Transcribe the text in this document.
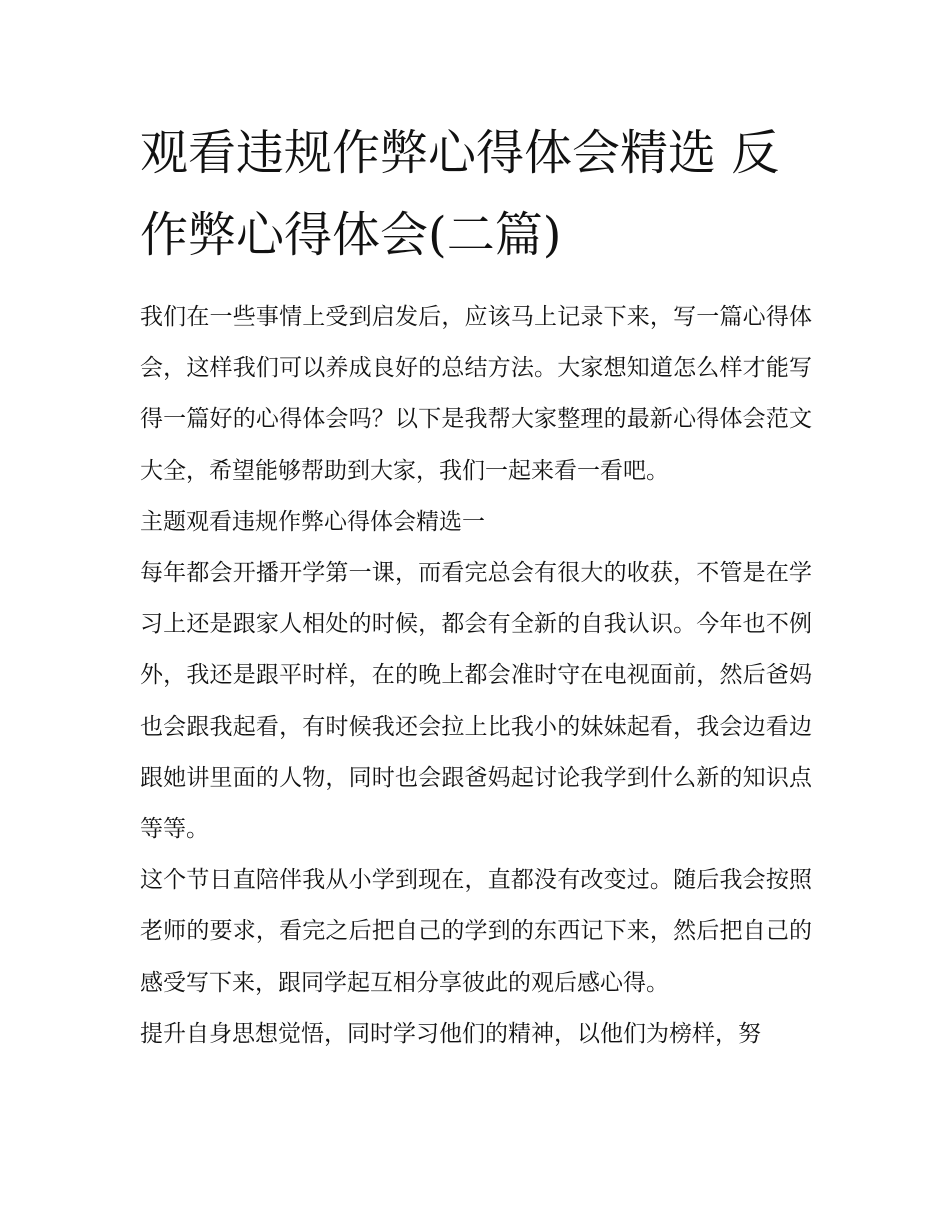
观看违规作弊心得体会精选 反作弊心得体会(二篇)

我们在一些事情上受到启发后，应该马上记录下来，写一篇心得体会，这样我们可以养成良好的总结方法。大家想知道怎么样才能写得一篇好的心得体会吗？以下是我帮大家整理的最新心得体会范文大全，希望能够帮助到大家，我们一起来看一看吧。

主题观看违规作弊心得体会精选一

每年都会开播开学第一课，而看完总会有很大的收获，不管是在学习上还是跟家人相处的时候，都会有全新的自我认识。今年也不例外，我还是跟平时样，在的晚上都会准时守在电视面前，然后爸妈也会跟我起看，有时候我还会拉上比我小的妹妹起看，我会边看边跟她讲里面的人物，同时也会跟爸妈起讨论我学到什么新的知识点等等。

这个节日直陪伴我从小学到现在，直都没有改变过。随后我会按照老师的要求，看完之后把自己的学到的东西记下来，然后把自己的感受写下来，跟同学起互相分享彼此的观后感心得。

提升自身思想觉悟，同时学习他们的精神，以他们为榜样，努
